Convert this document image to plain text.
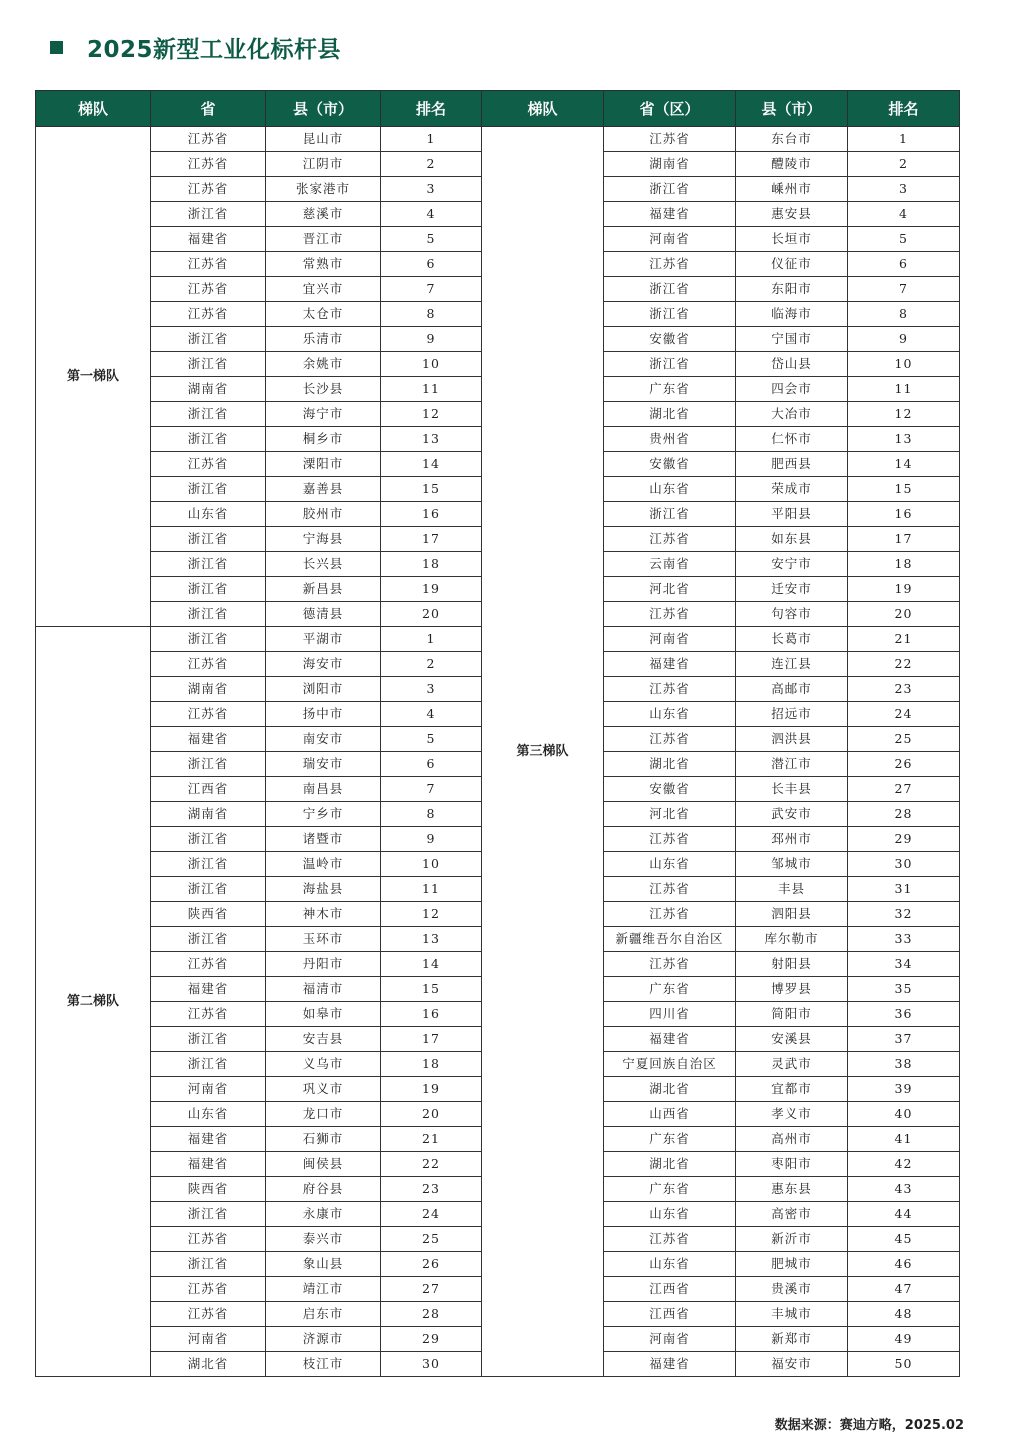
2025新型工业化标杆县
梯队	省	县（市）	排名	梯队	省（区）	县（市）	排名
第一梯队	江苏省	昆山市	1	第三梯队	江苏省	东台市	1
	江苏省	江阴市	2		湖南省	醴陵市	2
	江苏省	张家港市	3		浙江省	嵊州市	3
	浙江省	慈溪市	4		福建省	惠安县	4
	福建省	晋江市	5		河南省	长垣市	5
	江苏省	常熟市	6		江苏省	仪征市	6
	江苏省	宜兴市	7		浙江省	东阳市	7
	江苏省	太仓市	8		浙江省	临海市	8
	浙江省	乐清市	9		安徽省	宁国市	9
	浙江省	余姚市	10		浙江省	岱山县	10
	湖南省	长沙县	11		广东省	四会市	11
	浙江省	海宁市	12		湖北省	大冶市	12
	浙江省	桐乡市	13		贵州省	仁怀市	13
	江苏省	溧阳市	14		安徽省	肥西县	14
	浙江省	嘉善县	15		山东省	荣成市	15
	山东省	胶州市	16		浙江省	平阳县	16
	浙江省	宁海县	17		江苏省	如东县	17
	浙江省	长兴县	18		云南省	安宁市	18
	浙江省	新昌县	19		河北省	迁安市	19
	浙江省	德清县	20		江苏省	句容市	20
第二梯队	浙江省	平湖市	1		河南省	长葛市	21
	江苏省	海安市	2		福建省	连江县	22
	湖南省	浏阳市	3		江苏省	高邮市	23
	江苏省	扬中市	4		山东省	招远市	24
	福建省	南安市	5		江苏省	泗洪县	25
	浙江省	瑞安市	6		湖北省	潜江市	26
	江西省	南昌县	7		安徽省	长丰县	27
	湖南省	宁乡市	8		河北省	武安市	28
	浙江省	诸暨市	9		江苏省	邳州市	29
	浙江省	温岭市	10		山东省	邹城市	30
	浙江省	海盐县	11		江苏省	丰县	31
	陕西省	神木市	12		江苏省	泗阳县	32
	浙江省	玉环市	13		新疆维吾尔自治区	库尔勒市	33
	江苏省	丹阳市	14		江苏省	射阳县	34
	福建省	福清市	15		广东省	博罗县	35
	江苏省	如皋市	16		四川省	简阳市	36
	浙江省	安吉县	17		福建省	安溪县	37
	浙江省	义乌市	18		宁夏回族自治区	灵武市	38
	河南省	巩义市	19		湖北省	宜都市	39
	山东省	龙口市	20		山西省	孝义市	40
	福建省	石狮市	21		广东省	高州市	41
	福建省	闽侯县	22		湖北省	枣阳市	42
	陕西省	府谷县	23		广东省	惠东县	43
	浙江省	永康市	24		山东省	高密市	44
	江苏省	泰兴市	25		江苏省	新沂市	45
	浙江省	象山县	26		山东省	肥城市	46
	江苏省	靖江市	27		江西省	贵溪市	47
	江苏省	启东市	28		江西省	丰城市	48
	河南省	济源市	29		河南省	新郑市	49
	湖北省	枝江市	30		福建省	福安市	50
数据来源：赛迪方略，2025.02
